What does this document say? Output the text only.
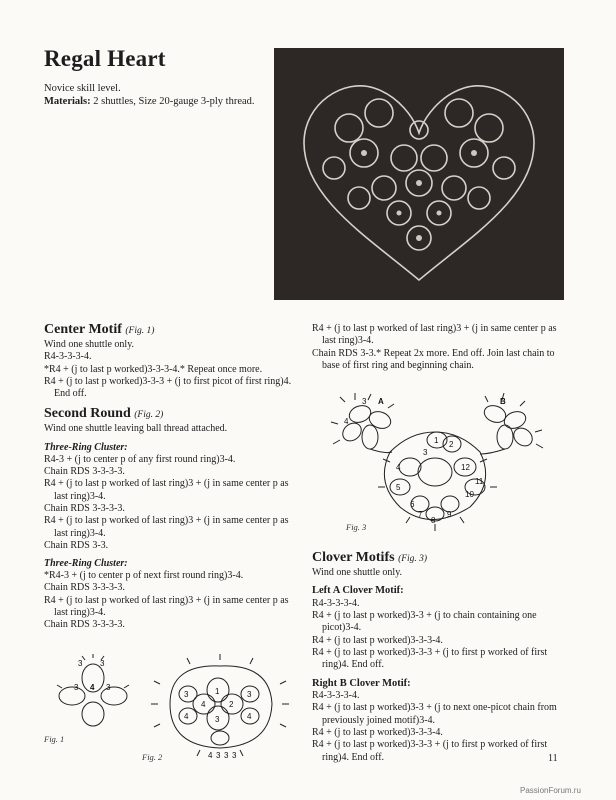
Regal Heart

Novice skill level.

Materials: 2 shuttles, Size 20-gauge 3-ply thread.

Center Motif (Fig. 1)

Wind one shuttle only.

R4-3-3-3-4.

*R4 + (j to last p worked)3-3-3-4.* Repeat once more.

R4 + (j to last p worked)3-3-3 + (j to first picot of first ring)4. End off.

Second Round (Fig. 2)

Wind one shuttle leaving ball thread attached.

Three-Ring Cluster:

R4-3 + (j to center p of any first round ring)3-4.

Chain RDS 3-3-3-3.

R4 + (j to last p worked of last ring)3 + (j in same center p as last ring)3-4.

Chain RDS 3-3-3-3.

R4 + (j to last p worked of last ring)3 + (j in same center p as last ring)3-4.

Chain RDS 3-3.

Three-Ring Cluster:

*R4-3 + (j to center p of next first round ring)3-4.

Chain RDS 3-3-3-3.

R4 + (j to last p worked of last ring)3 + (j in same center p as last ring)3-4.

Chain RDS 3-3-3-3.

R4 + (j to last p worked of last ring)3 + (j in same center p as last ring)3-4.

Chain RDS 3-3.* Repeat 2x more. End off. Join last chain to base of first ring and beginning chain.

Clover Motifs (Fig. 3)

Wind one shuttle only.

Left A Clover Motif:

R4-3-3-3-4.

R4 + (j to last p worked)3-3 + (j to chain containing one picot)3-4.

R4 + (j to last p worked)3-3-3-4.

R4 + (j to last p worked)3-3-3 + (j to first p worked of first ring)4. End off.

Right B Clover Motif:

R4-3-3-3-4.

R4 + (j to last p worked)3-3 + (j to next one-picot chain from previously joined motif)3-4.

R4 + (j to last p worked)3-3-3-4.

R4 + (j to last p worked)3-3-3 + (j to first p worked of first ring)4. End off.

A	B
3
4
1 2
3
4
5
6
7
8
9
10
11
12
Fig. 3
3 3
3 4 3
Fig. 1
1
2
3
4
4 3 3 3
3
4
3
4
Fig. 2	11
PassionForum.ru
